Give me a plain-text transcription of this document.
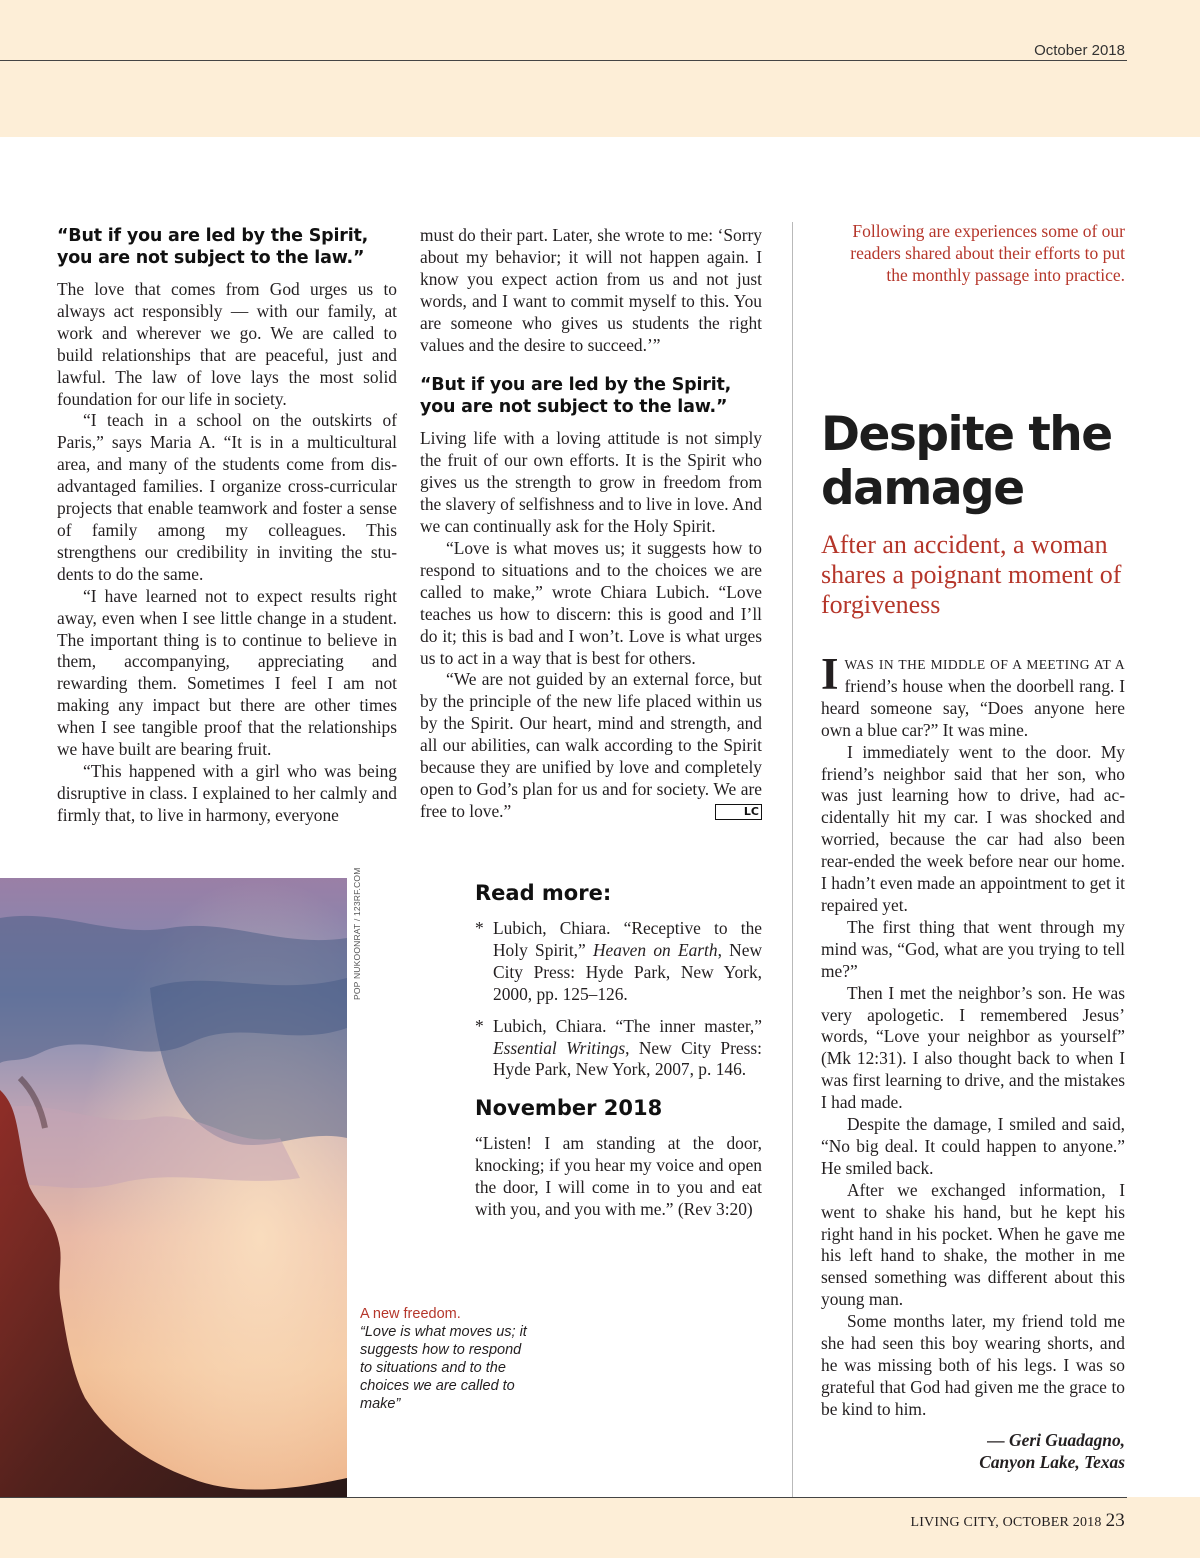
October 2018
“But if you are led by the Spirit, you are not subject to the law.”

The love that comes from God urges us to always act responsibly — with our family, at work and wherever we go. We are called to build relationships that are peaceful, just and lawful. The law of love lays the most solid foundation for our life in society.

“I teach in a school on the outskirts of Paris,” says Maria A. “It is in a multicultural area, and many of the students come from disadvantaged families. I organize cross-curricular projects that enable teamwork and foster a sense of family among my colleagues. This strengthens our credibility in inviting the students to do the same.

“I have learned not to expect results right away, even when I see little change in a student. The important thing is to continue to believe in them, accompanying, appreciating and rewarding them. Sometimes I feel I am not making any impact but there are other times when I see tangible proof that the relationships we have built are bearing fruit.

“This happened with a girl who was being disruptive in class. I explained to her calmly and firmly that, to live in harmony, everyone

must do their part. Later, she wrote to me: ‘Sorry about my behavior; it will not happen again. I know you expect action from us and not just words, and I want to commit myself to this. You are someone who gives us students the right values and the desire to succeed.’”

“But if you are led by the Spirit, you are not subject to the law.”

Living life with a loving attitude is not simply the fruit of our own efforts. It is the Spirit who gives us the strength to grow in freedom from the slavery of selfishness and to live in love. And we can continually ask for the Holy Spirit.

“Love is what moves us; it suggests how to respond to situations and to the choices we are called to make,” wrote Chiara Lubich. “Love teaches us how to discern: this is good and I’ll do it; this is bad and I won’t. Love is what urges us to act in a way that is best for others.

“We are not guided by an external force, but by the principle of the new life placed within us by the Spirit. Our heart, mind and strength, and all our abilities, can walk according to the Spirit because they are unified by love and completely open to God’s plan for us and for society. We are free to love.”	LC

POP NUKOONRAT / 123RF.COM
A new freedom.
“Love is what moves us; it suggests how to respond to situations and to the choices we are called to make”
Read more:
* Lubich, Chiara. “Receptive to the Holy Spirit,” Heaven on Earth, New City Press: Hyde Park, New York, 2000, pp. 125–126.
* Lubich, Chiara. “The inner master,” Essential Writings, New City Press: Hyde Park, New York, 2007, p. 146.
November 2018
“Listen! I am standing at the door, knocking; if you hear my voice and open the door, I will come in to you and eat with you, and you with me.” (Rev 3:20)
Following are experiences some of our readers shared about their efforts to put the monthly passage into practice.
Despite the damage
After an accident, a woman shares a poignant moment of forgiveness

IWAS IN THE MIDDLE OF A MEETING AT A friend’s house when the doorbell rang. I heard someone say, “Does anyone here own a blue car?” It was mine.

I immediately went to the door. My friend’s neighbor said that her son, who was just learning how to drive, had accidentally hit my car. I was shocked and worried, because the car had also been rear-ended the week before near our home. I hadn’t even made an appointment to get it repaired yet.

The first thing that went through my mind was, “God, what are you trying to tell me?”

Then I met the neighbor’s son. He was very apologetic. I remembered Jesus’ words, “Love your neighbor as yourself” (Mk 12:31). I also thought back to when I was first learning to drive, and the mistakes I had made.

Despite the damage, I smiled and said, “No big deal. It could happen to anyone.” He smiled back.

After we exchanged information, I went to shake his hand, but he kept his right hand in his pocket. When he gave me his left hand to shake, the mother in me sensed something was different about this young man.

Some months later, my friend told me she had seen this boy wearing shorts, and he was missing both of his legs. I was so grateful that God had given me the grace to be kind to him.

— Geri Guadagno,
Canyon Lake, Texas
LIVING CITY, OCTOBER 2018 23
